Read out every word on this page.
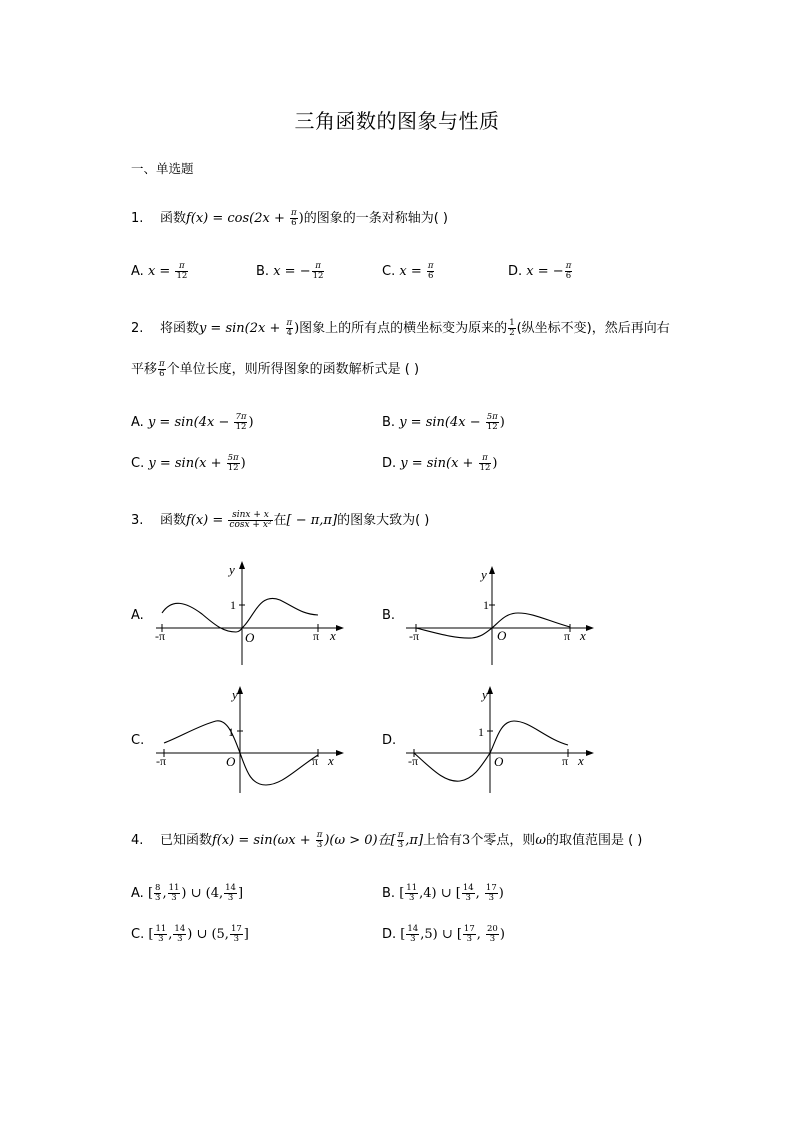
三角函数的图象与性质
一、单选题
1. 函数$f(x) = \cos(2x + \frac{\pi}{6}$ )的图象的一条对称轴为( )
A. $x = \frac{\pi}{12}$	B. x = − $\frac{\pi}{12}$	C. $x = \frac{\pi}{6}$	D. x = − $\frac{\pi}{6}$
2. 将函数$y = \sin(2x + \frac{\pi}{4}$ )图象上的所有点的横坐标变为原来的 $\frac{1}{2}$ (纵坐标不变)，然后再向右
平移 $\frac{\pi}{6}$ 个单位长度，则所得图象的函数解析式是 ( )
A. $y = \sin(4x - \frac{7\pi}{12}$ )	B. $y = \sin(4x - \frac{5\pi}{12}$ )
C. $y = \sin(x + \frac{5\pi}{12}$ )	D. $y = \sin(x + \frac{\pi}{12}$ )
3. 函数$f(x) = \frac{\sin x + x}{\text{cosx + x²}}$ 在[ − π,π]的图象大致为( )
A.	B.
C.	D.
y
1
O
-π	π x
y
1
O
-π	π x
y
1
O
-π	π x
y
1
O
-π	π x
4. 已知函数$f(x) = \sin(\omega x + \frac{\pi}{3} )(\omega > 0)$在[ $\frac{\pi}{3} ,\pi$]上恰有3个零点，则ω的取值范围是 ( )
A. [ $\frac{8}{3}$ , $\frac{11}{3}$ ) ∪ (4, $\frac{14}{3}$ ]	B. [ $\frac{11}{3} ,4$) ∪ [ $\frac{14}{3}$ , $\frac{17}{3}$ )
C. [ $\frac{11}{3}$ , $\frac{14}{3}$ ) ∪ (5, $\frac{17}{3}$ ]	D. [ $\frac{14}{3} ,5$) ∪ [ $\frac{17}{3}$ , $\frac{20}{3}$ )
